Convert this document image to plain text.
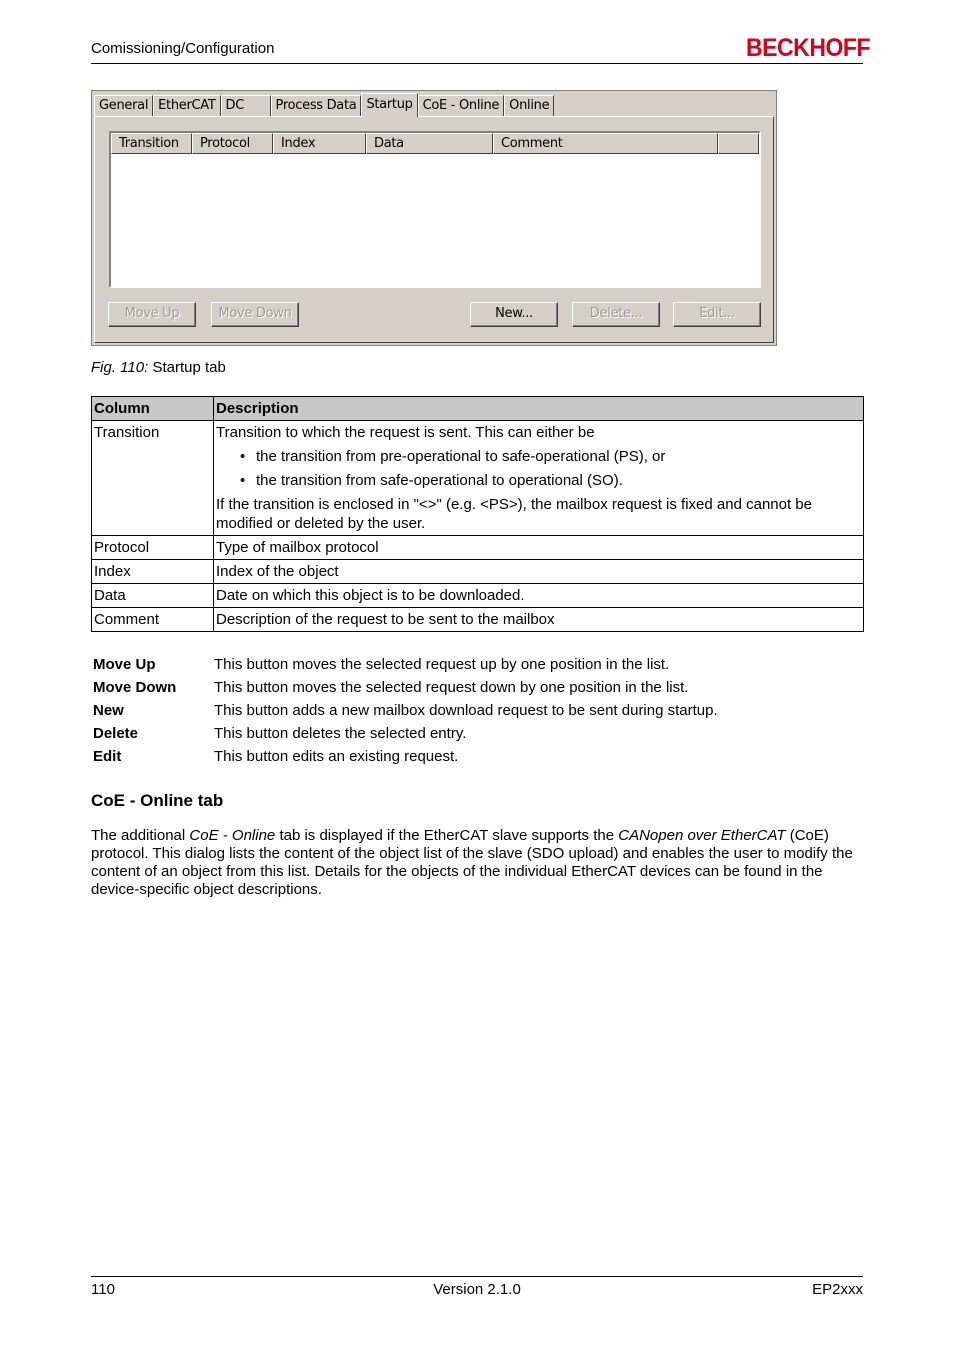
Comissioning/Configuration	BECKHOFF
General EtherCAT DC	Process Data Startup CoE - Online Online
Transition	Protocol	Index	Data	Comment
Move Up	Move Down	New...	Delete...	Edit...
Fig. 110: Startup tab
Column	Description
Transition	Transition to which the request is sent. This can either be
• the transition from pre-operational to safe-operational (PS), or
• the transition from safe-operational to operational (SO).
If the transition is enclosed in "<>" (e.g. <PS>), the mailbox request is fixed and cannot be modified or deleted by the user.

Protocol	Type of mailbox protocol
Index	Index of the object
Data	Date on which this object is to be downloaded.
Comment	Description of the request to be sent to the mailbox
Move Up	This button moves the selected request up by one position in the list.
Move Down	This button moves the selected request down by one position in the list.
New	This button adds a new mailbox download request to be sent during startup.
Delete	This button deletes the selected entry.
Edit	This button edits an existing request.
CoE - Online tab
The additional CoE - Online tab is displayed if the EtherCAT slave supports the CANopen over EtherCAT (CoE) protocol. This dialog lists the content of the object list of the slave (SDO upload) and enables the user to modify the content of an object from this list. Details for the objects of the individual EtherCAT devices can be found in the device-specific object descriptions.
110	Version 2.1.0	EP2xxx
